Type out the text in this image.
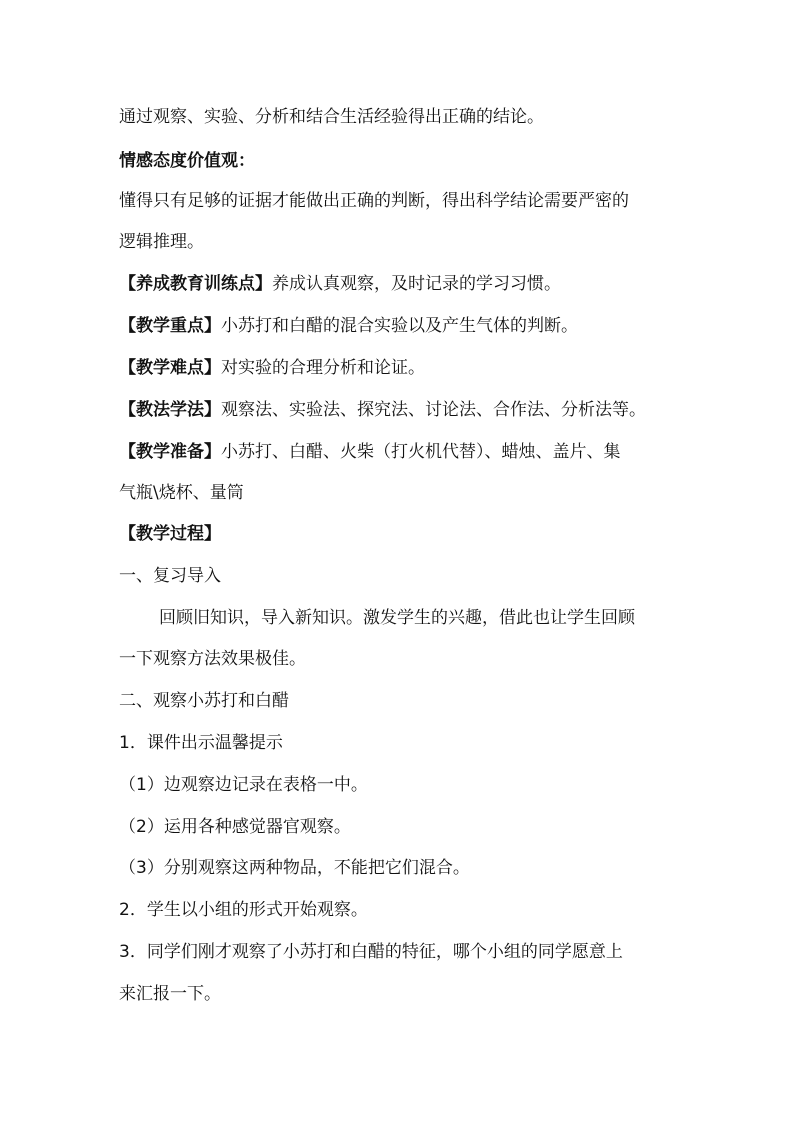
通过观察、实验、分析和结合生活经验得出正确的结论。
情感态度价值观：
懂得只有足够的证据才能做出正确的判断，得出科学结论需要严密的
逻辑推理。
【养成教育训练点】养成认真观察，及时记录的学习习惯。
【教学重点】小苏打和白醋的混合实验以及产生气体的判断。
【教学难点】对实验的合理分析和论证。
【教法学法】观察法、实验法、探究法、讨论法、合作法、分析法等。
【教学准备】小苏打、白醋、火柴（打火机代替）、蜡烛、盖片、集
气瓶\烧杯、量筒
【教学过程】
一、复习导入
回顾旧知识，导入新知识。激发学生的兴趣，借此也让学生回顾
一下观察方法效果极佳。
二、观察小苏打和白醋
1．课件出示温馨提示
（1）边观察边记录在表格一中。
（2）运用各种感觉器官观察。
（3）分别观察这两种物品，不能把它们混合。
2．学生以小组的形式开始观察。
3．同学们刚才观察了小苏打和白醋的特征，哪个小组的同学愿意上
来汇报一下。
